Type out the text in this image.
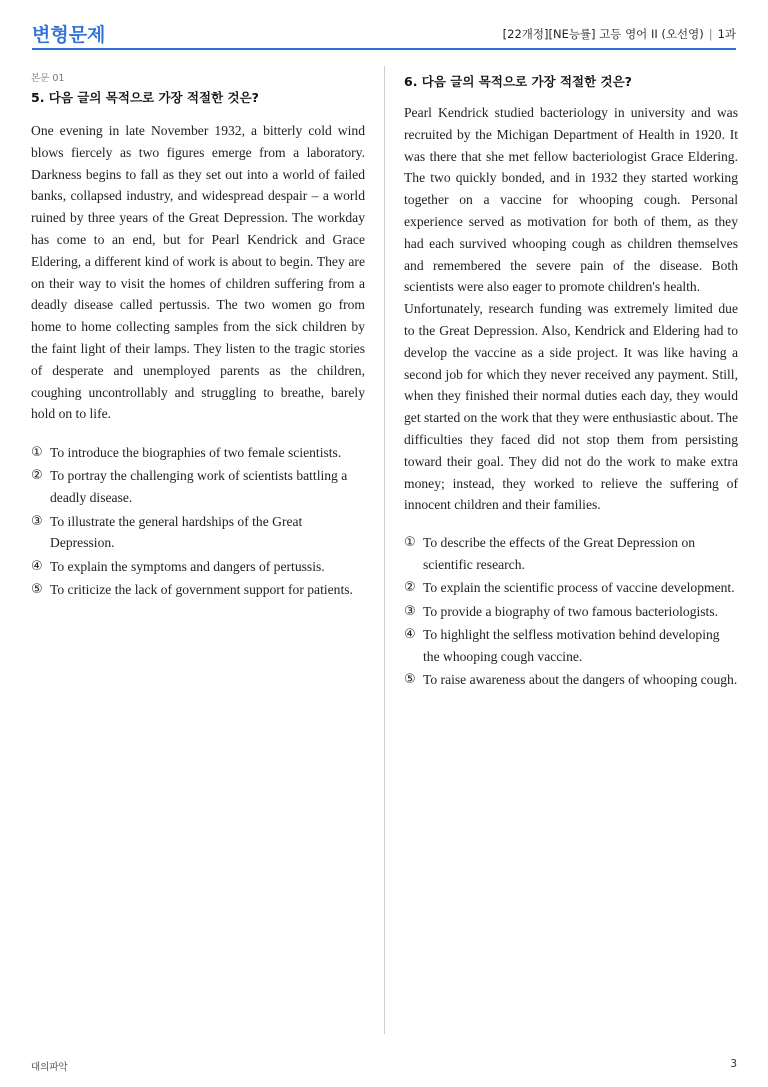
변형문제	[22개정][NE능률] 고등 영어 II (오선영) | 1과
본문 01
5. 다음 글의 목적으로 가장 적절한 것은?

One evening in late November 1932, a bitterly cold wind blows fiercely as two figures emerge from a laboratory. Darkness begins to fall as they set out into a world of failed banks, collapsed industry, and widespread despair – a world ruined by three years of the Great Depression. The workday has come to an end, but for Pearl Kendrick and Grace Eldering, a different kind of work is about to begin. They are on their way to visit the homes of children suffering from a deadly disease called pertussis. The two women go from home to home collecting samples from the sick children by the faint light of their lamps. They listen to the tragic stories of desperate and unemployed parents as the children, coughing uncontrollably and struggling to breathe, barely hold on to life.

① To introduce the biographies of two female scientists.
② To portray the challenging work of scientists battling a deadly disease.
③ To illustrate the general hardships of the Great Depression.
④ To explain the symptoms and dangers of pertussis.
⑤ To criticize the lack of government support for patients.
6. 다음 글의 목적으로 가장 적절한 것은?

Pearl Kendrick studied bacteriology in university and was recruited by the Michigan Department of Health in 1920. It was there that she met fellow bacteriologist Grace Eldering. The two quickly bonded, and in 1932 they started working together on a vaccine for whooping cough. Personal experience served as motivation for both of them, as they had each survived whooping cough as children themselves and remembered the severe pain of the disease. Both scientists were also eager to promote children's health.

Unfortunately, research funding was extremely limited due to the Great Depression. Also, Kendrick and Eldering had to develop the vaccine as a side project. It was like having a second job for which they never received any payment. Still, when they finished their normal duties each day, they would get started on the work that they were enthusiastic about. The difficulties they faced did not stop them from persisting toward their goal. They did not do the work to make extra money; instead, they worked to relieve the suffering of innocent children and their families.

① To describe the effects of the Great Depression on scientific research.
② To explain the scientific process of vaccine development.
③ To provide a biography of two famous bacteriologists.
④ To highlight the selfless motivation behind developing the whooping cough vaccine.
⑤ To raise awareness about the dangers of whooping cough.
대의파악	3
